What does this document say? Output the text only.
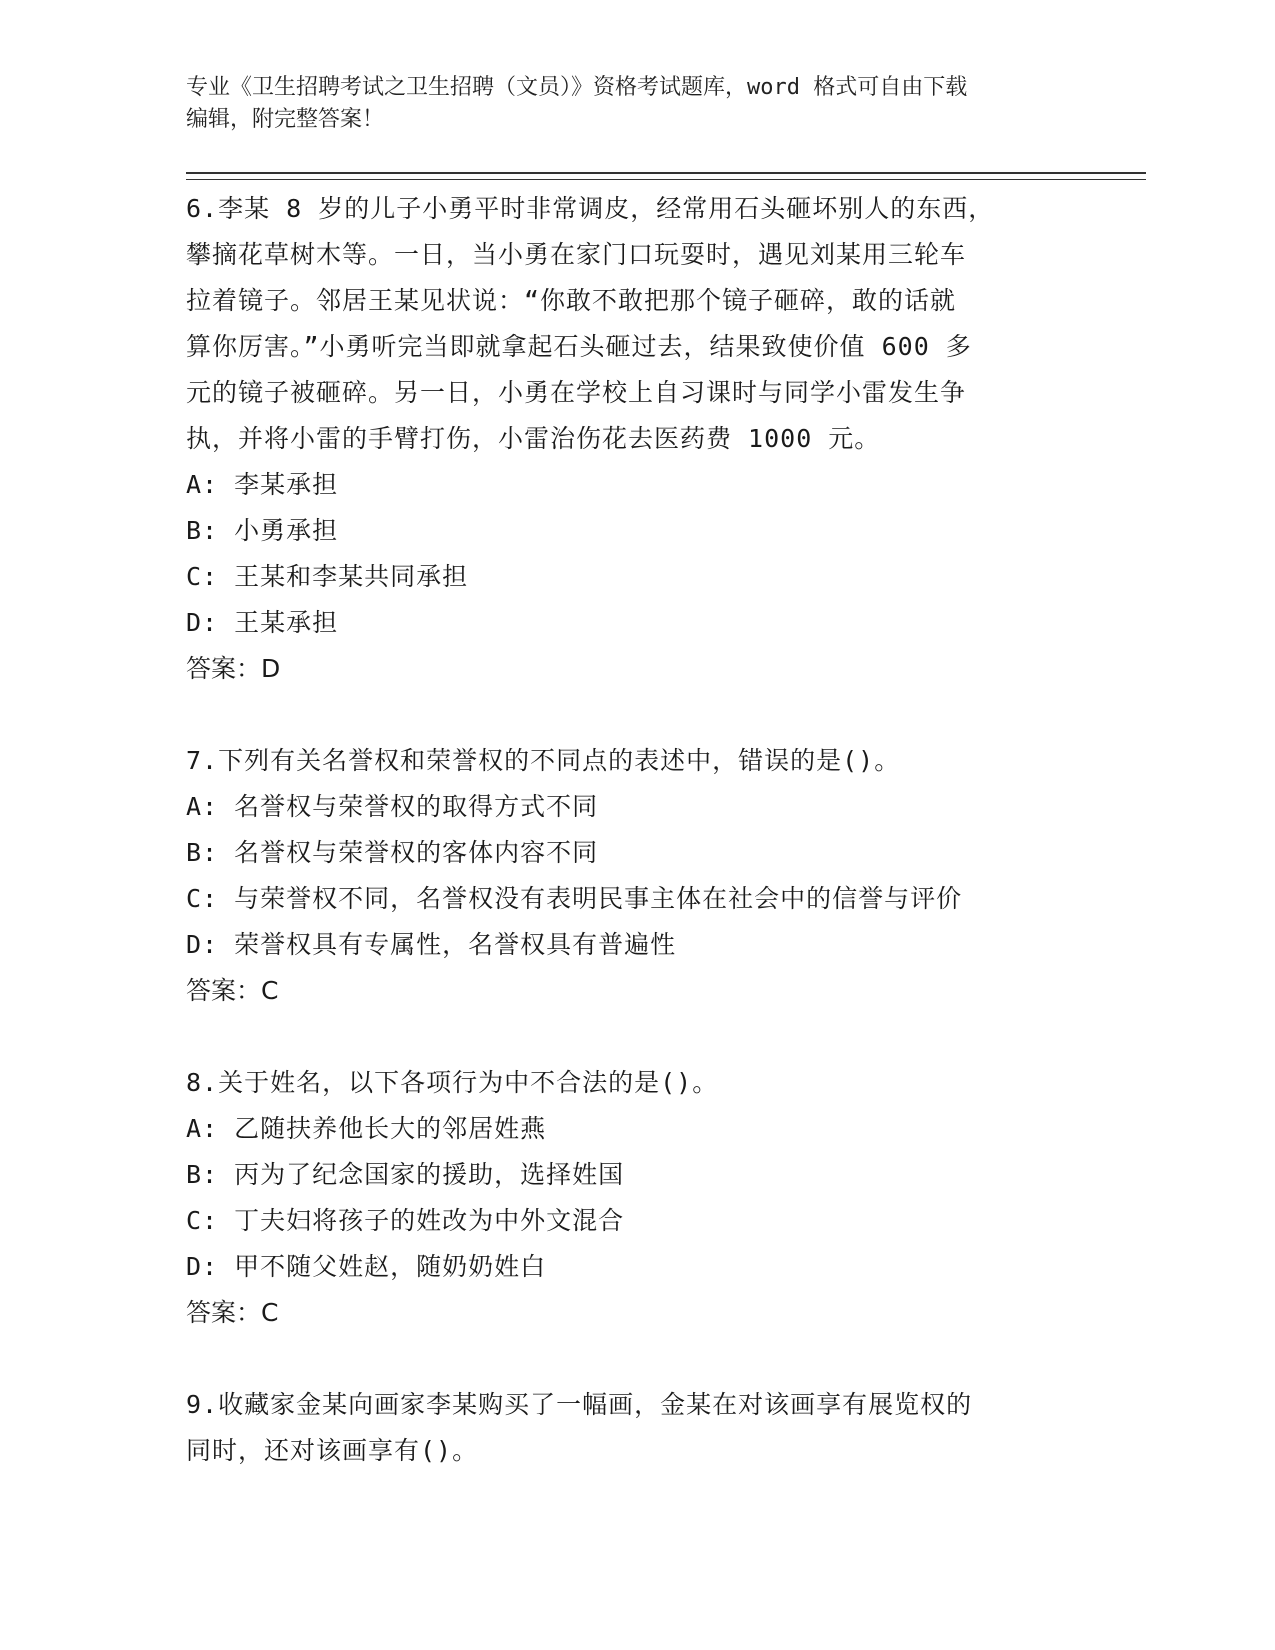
专业《卫生招聘考试之卫生招聘（文员）》资格考试题库，word 格式可自由下载
编辑，附完整答案！

6.李某 8 岁的儿子小勇平时非常调皮，经常用石头砸坏别人的东西，

攀摘花草树木等。一日，当小勇在家门口玩耍时，遇见刘某用三轮车

拉着镜子。邻居王某见状说：“你敢不敢把那个镜子砸碎，敢的话就

算你厉害。”小勇听完当即就拿起石头砸过去，结果致使价值 600 多

元的镜子被砸碎。另一日，小勇在学校上自习课时与同学小雷发生争

执，并将小雷的手臂打伤，小雷治伤花去医药费 1000 元。

A: 李某承担

B: 小勇承担

C: 王某和李某共同承担

D: 王某承担

答案：D

7.下列有关名誉权和荣誉权的不同点的表述中，错误的是()。

A: 名誉权与荣誉权的取得方式不同

B: 名誉权与荣誉权的客体内容不同

C: 与荣誉权不同，名誉权没有表明民事主体在社会中的信誉与评价

D: 荣誉权具有专属性，名誉权具有普遍性

答案：C

8.关于姓名，以下各项行为中不合法的是()。

A: 乙随扶养他长大的邻居姓燕

B: 丙为了纪念国家的援助，选择姓国

C: 丁夫妇将孩子的姓改为中外文混合

D: 甲不随父姓赵，随奶奶姓白

答案：C

9.收藏家金某向画家李某购买了一幅画，金某在对该画享有展览权的

同时，还对该画享有()。
